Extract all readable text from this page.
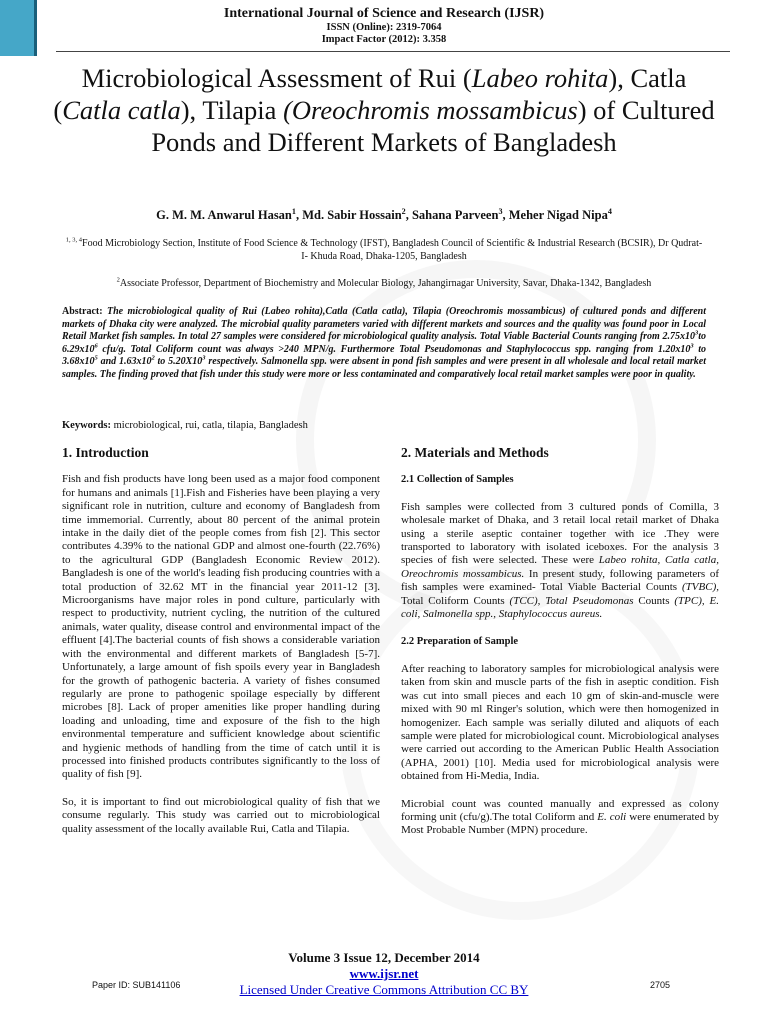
International Journal of Science and Research (IJSR)
ISSN (Online): 2319-7064
Impact Factor (2012): 3.358
Microbiological Assessment of Rui (Labeo rohita), Catla (Catla catla), Tilapia (Oreochromis mossambicus) of Cultured Ponds and Different Markets of Bangladesh
G. M. M. Anwarul Hasan$^1$, Md. Sabir Hossain$^2$, Sahana Parveen$^3$, Meher Nigad Nipa$^4$
$^{1, 3, 4}$Food Microbiology Section, Institute of Food Science & Technology (IFST), Bangladesh Council of Scientific & Industrial Research (BCSIR), Dr Qudrat-I- Khuda Road, Dhaka-1205, Bangladesh
$^2$Associate Professor, Department of Biochemistry and Molecular Biology, Jahangirnagar University, Savar, Dhaka-1342, Bangladesh
Abstract: The microbiological quality of Rui (Labeo rohita),Catla (Catla catla), Tilapia (Oreochromis mossambicus) of cultured ponds and different markets of Dhaka city were analyzed. The microbial quality parameters varied with different markets and sources and the quality was found poor in Local Retail Market fish samples. In total 27 samples were considered for microbiological quality analysis. Total Viable Bacterial Counts ranging from $2.75x10^3to$ $6.29x10^6$ cfu/g. Total Coliform count was always >240 MPN/g. Furthermore Total Pseudomonas and Staphylococcus spp. ranging from $1.20x10^3$ to $3.68x10^5$ and $1.63x10^2$ to $5.20X10^3$ respectively. Salmonella spp. were absent in pond fish samples and were present in all wholesale and local retail market samples. The finding proved that fish under this study were more or less contaminated and comparatively local retail market samples were poor in quality.
Keywords: microbiological, rui, catla, tilapia, Bangladesh
1. Introduction

Fish and fish products have long been used as a major food component for humans and animals [1].Fish and Fisheries have been playing a very significant role in nutrition, culture and economy of Bangladesh from time immemorial. Currently, about 80 percent of the animal protein intake in the daily diet of the people comes from fish [2]. This sector contributes 4.39% to the national GDP and almost one-fourth (22.76%) to the agricultural GDP (Bangladesh Economic Review 2012). Bangladesh is one of the world's leading fish producing countries with a total production of 32.62 MT in the financial year 2011-12 [3]. Microorganisms have major roles in pond culture, particularly with respect to productivity, nutrient cycling, the nutrition of the cultured animals, water quality, disease control and environmental impact of the effluent [4].The bacterial counts of fish shows a considerable variation with the environmental and different markets of Bangladesh [5-7]. Unfortunately, a large amount of fish spoils every year in Bangladesh for the growth of pathogenic bacteria. A variety of fishes consumed regularly are prone to pathogenic spoilage especially by different microbes [8]. Lack of proper amenities like proper handling during loading and unloading, time and exposure of the fish to the high environmental temperature and sufficient knowledge about scientific and hygienic methods of handling from the time of catch until it is processed into finished products contributes significantly to the loss of quality of fish [9].

So, it is important to find out microbiological quality of fish that we consume regularly. This study was carried out to microbiological quality assessment of the locally available Rui, Catla and Tilapia.

2. Materials and Methods
2.1 Collection of Samples

Fish samples were collected from 3 cultured ponds of Comilla, 3 wholesale market of Dhaka, and 3 retail local retail market of Dhaka using a sterile aseptic container together with ice .They were transported to laboratory with isolated iceboxes. For the analysis 3 species of fish were selected. These were Labeo rohita, Catla catla, Oreochromis mossambicus. In present study, following parameters of fish samples were examined- Total Viable Bacterial Counts (TVBC), Total Coliform Counts (TCC), Total Pseudomonas Counts (TPC), E. coli, Salmonella spp., Staphylococcus aureus.

2.2 Preparation of Sample

After reaching to laboratory samples for microbiological analysis were taken from skin and muscle parts of the fish in aseptic condition. Fish was cut into small pieces and each 10 gm of skin-and-muscle were mixed with 90 ml Ringer's solution, which were then homogenized in homogenizer. Each sample was serially diluted and aliquots of each sample were plated for microbiological count. Microbiological analyses were carried out according to the American Public Health Association (APHA, 2001) [10]. Media used for microbiological analysis were obtained from Hi-Media, India.

Microbial count was counted manually and expressed as colony forming unit (cfu/g).The total Coliform and E. coli were enumerated by Most Probable Number (MPN) procedure.

Volume 3 Issue 12, December 2014
www.ijsr.net
Licensed Under Creative Commons Attribution CC BY
Paper ID: SUB141106	2705
